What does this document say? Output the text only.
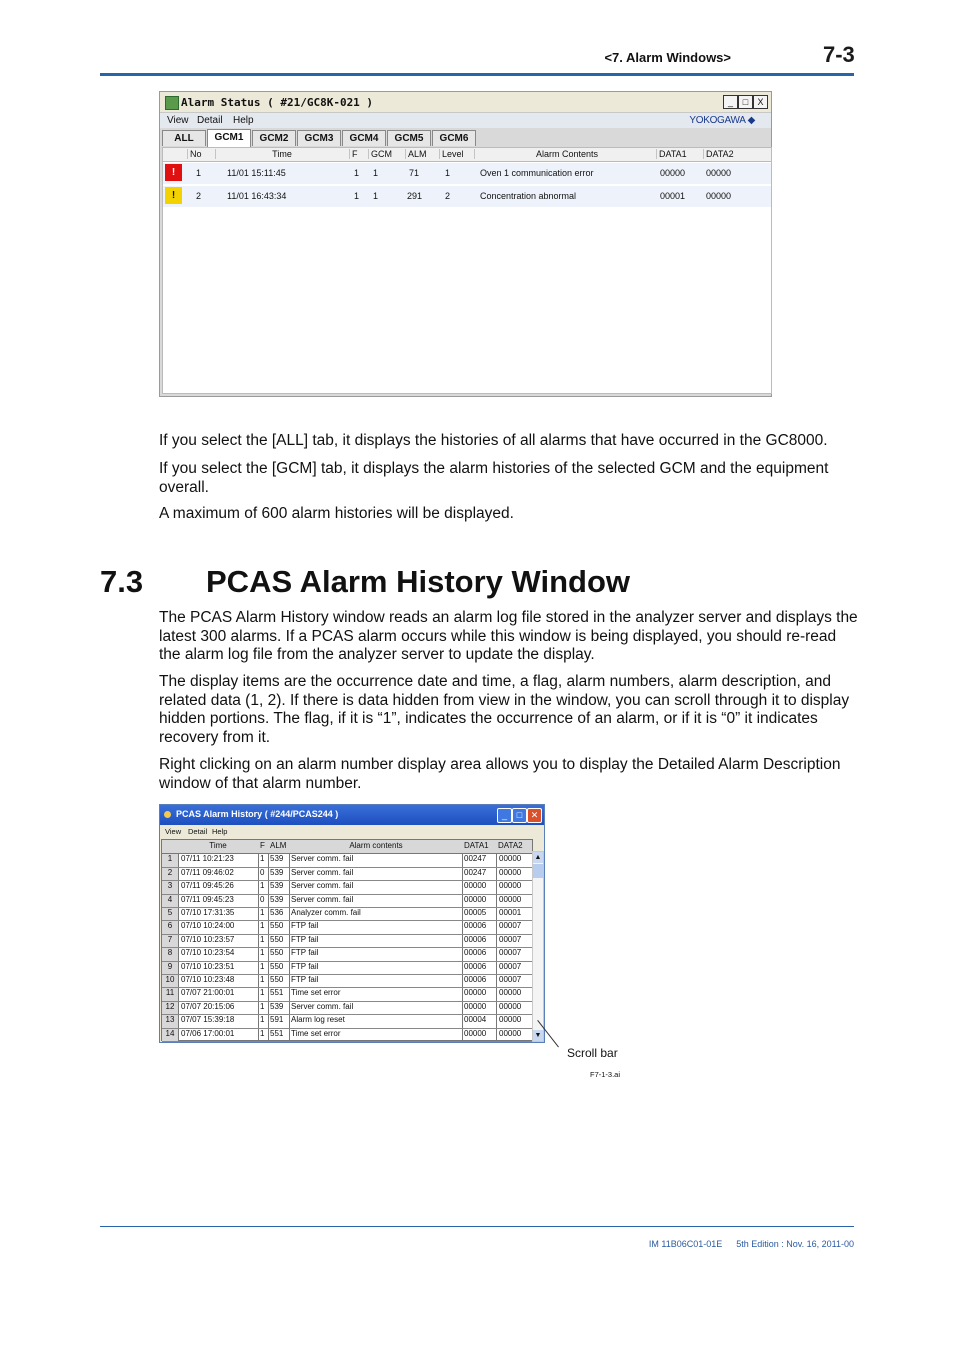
<7. Alarm Windows>	7-3
Alarm Status ( #21/GC8K-021 )	_	□	X
View Detail Help	YOKOGAWA ◆
ALL	GCM1	GCM2	GCM3	GCM4	GCM5	GCM6
No	Time	F	GCM	ALM	Level	Alarm Contents	DATA1	DATA2
!	1	11/01 15:11:45	1 1	71	1	Oven 1 communication error	00000 00000
!	2	11/01 16:43:34	1 1	291	2	Concentration abnormal	00001 00000

If you select the [ALL] tab, it displays the histories of all alarms that have occurred in the GC8000.

If you select the [GCM] tab, it displays the alarm histories of the selected GCM and the equipment overall.

A maximum of 600 alarm histories will be displayed.

7.3 PCAS Alarm History Window

The PCAS Alarm History window reads an alarm log file stored in the analyzer server and displays the latest 300 alarms. If a PCAS alarm occurs while this window is being displayed, you should re-read the alarm log file from the analyzer server to update the display.

The display items are the occurrence date and time, a flag, alarm numbers, alarm description, and related data (1, 2). If there is data hidden from view in the window, you can scroll through it to display hidden portions. The flag, if it is “1”, indicates the occurrence of an alarm, or if it is “0” it indicates recovery from it.

Right clicking on an alarm number display area allows you to display the Detailed Alarm Description window of that alarm number.

PCAS Alarm History ( #244/PCAS244 )	_	□ ✕
View Detail Help
Time	F ALM	Alarm contents	DATA1 DATA2
1	07/11 10:21:23	1 539 Server comm. fail	00247 00000
2	07/11 09:46:02	0 539 Server comm. fail	00247 00000
3	07/11 09:45:26	1 539 Server comm. fail	00000 00000
4	07/11 09:45:23	0 539 Server comm. fail	00000 00000
5	07/10 17:31:35	1 536 Analyzer comm. fail	00005 00001
6	07/10 10:24:00	1 550 FTP fail	00006 00007
7	07/10 10:23:57	1 550 FTP fail	00006 00007
8	07/10 10:23:54	1 550 FTP fail	00006 00007
9	07/10 10:23:51	1 550 FTP fail	00006 00007
10 07/10 10:23:48	1 550 FTP fail	00006 00007
11 07/07 21:00:01	1 551 Time set error	00000 00000
12 07/07 20:15:06	1 539 Server comm. fail	00000 00000
13 07/07 15:39:18	1 591 Alarm log reset	00004 00000
14 07/06 17:00:01	1 551 Time set error	00000 00000
▲
▼
Scroll bar
F7-1-3.ai
IM 11B06C01-01E 5th Edition : Nov. 16, 2011-00
